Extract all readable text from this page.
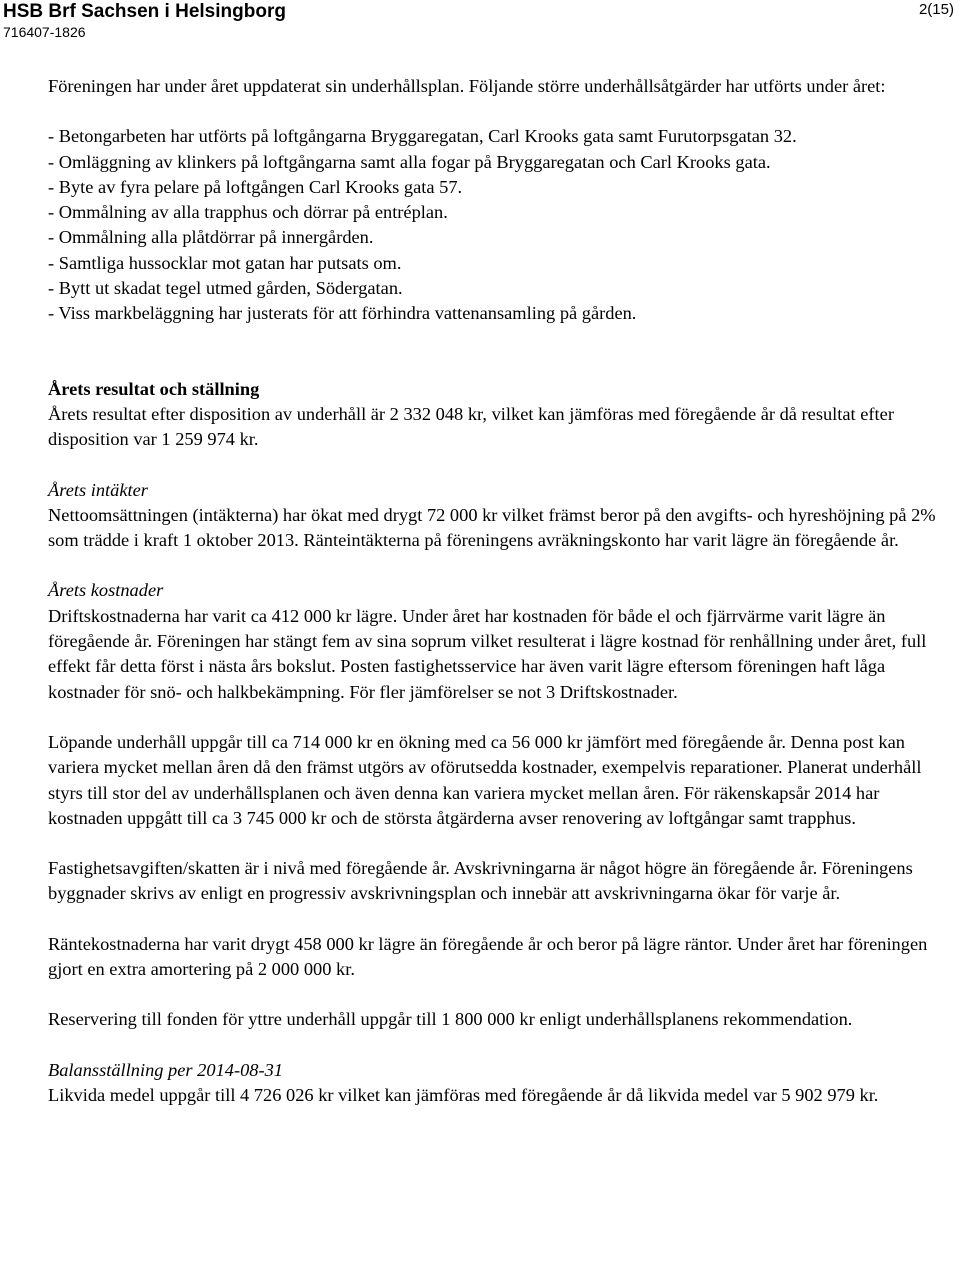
HSB Brf Sachsen i Helsingborg
716407-1826
2(15)

Föreningen har under året uppdaterat sin underhållsplan. Följande större underhållsåtgärder har utförts under året:

- Betongarbeten har utförts på loftgångarna Bryggaregatan, Carl Krooks gata samt Furutorpsgatan 32.

- Omläggning av klinkers på loftgångarna samt alla fogar på Bryggaregatan och Carl Krooks gata.

- Byte av fyra pelare på loftgången Carl Krooks gata 57.

- Ommålning av alla trapphus och dörrar på entréplan.

- Ommålning alla plåtdörrar på innergården.

- Samtliga hussocklar mot gatan har putsats om.

- Bytt ut skadat tegel utmed gården, Södergatan.

- Viss markbeläggning har justerats för att förhindra vattenansamling på gården.

Årets resultat och ställning

Årets resultat efter disposition av underhåll är 2 332 048 kr, vilket kan jämföras med föregående år då resultat efter disposition var 1 259 974 kr.

Årets intäkter

Nettoomsättningen (intäkterna) har ökat med drygt 72 000 kr vilket främst beror på den avgifts- och hyreshöjning på 2% som trädde i kraft 1 oktober 2013. Ränteintäkterna på föreningens avräkningskonto har varit lägre än föregående år.

Årets kostnader

Driftskostnaderna har varit ca 412 000 kr lägre. Under året har kostnaden för både el och fjärrvärme varit lägre än föregående år. Föreningen har stängt fem av sina soprum vilket resulterat i lägre kostnad för renhållning under året, full effekt får detta först i nästa års bokslut. Posten fastighetsservice har även varit lägre eftersom föreningen haft låga kostnader för snö- och halkbekämpning. För fler jämförelser se not 3 Driftskostnader.

Löpande underhåll uppgår till ca 714 000 kr en ökning med ca 56 000 kr jämfört med föregående år. Denna post kan variera mycket mellan åren då den främst utgörs av oförutsedda kostnader, exempelvis reparationer. Planerat underhåll styrs till stor del av underhållsplanen och även denna kan variera mycket mellan åren. För räkenskapsår 2014 har kostnaden uppgått till ca 3 745 000 kr och de största åtgärderna avser renovering av loftgångar samt trapphus.

Fastighetsavgiften/skatten är i nivå med föregående år. Avskrivningarna är något högre än föregående år. Föreningens byggnader skrivs av enligt en progressiv avskrivningsplan och innebär att avskrivningarna ökar för varje år.

Räntekostnaderna har varit drygt 458 000 kr lägre än föregående år och beror på lägre räntor. Under året har föreningen gjort en extra amortering på 2 000 000 kr.

Reservering till fonden för yttre underhåll uppgår till 1 800 000 kr enligt underhållsplanens rekommendation.

Balansställning per 2014-08-31

Likvida medel uppgår till 4 726 026 kr vilket kan jämföras med föregående år då likvida medel var 5 902 979 kr.
